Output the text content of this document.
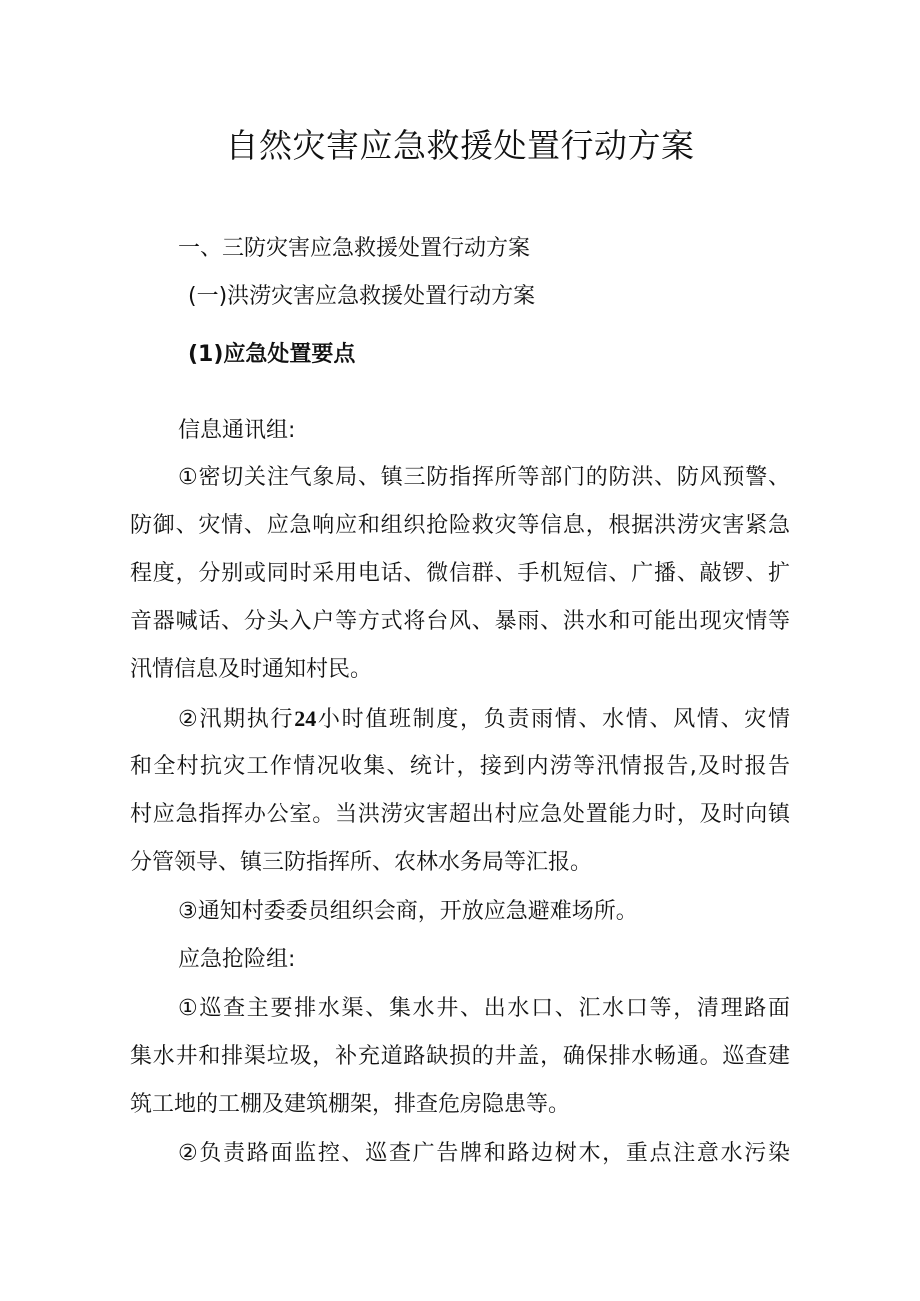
自然灾害应急救援处置行动方案
一、三防灾害应急救援处置行动方案
(一)洪涝灾害应急救援处置行动方案
(1)应急处置要点
信息通讯组:
①密切关注气象局、镇三防指挥所等部门的防洪、防风预警、
防御、灾情、应急响应和组织抢险救灾等信息，根据洪涝灾害紧急
程度，分别或同时采用电话、微信群、手机短信、广播、敲锣、扩
音器喊话、分头入户等方式将台风、暴雨、洪水和可能出现灾情等
汛情信息及时通知村民。
②汛期执行24小时值班制度，负责雨情、水情、风情、灾情
和全村抗灾工作情况收集、统计，接到内涝等汛情报告,及时报告
村应急指挥办公室。当洪涝灾害超出村应急处置能力时，及时向镇
分管领导、镇三防指挥所、农林水务局等汇报。
③通知村委委员组织会商，开放应急避难场所。
应急抢险组:
①巡查主要排水渠、集水井、出水口、汇水口等，清理路面
集水井和排渠垃圾，补充道路缺损的井盖，确保排水畅通。巡查建
筑工地的工棚及建筑棚架，排查危房隐患等。
②负责路面监控、巡查广告牌和路边树木，重点注意水污染
